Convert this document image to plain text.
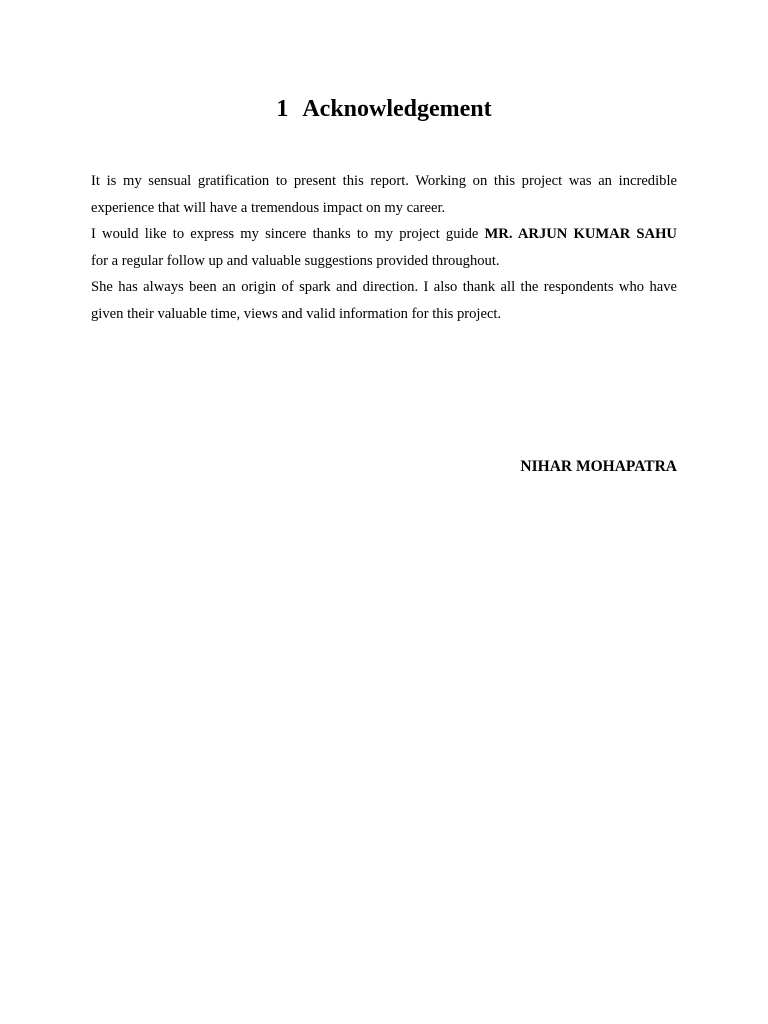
1 Acknowledgement

It is my sensual gratification to present this report. Working on this project was an incredible

experience that will have a tremendous impact on my career.

I would like to express my sincere thanks to my project guide MR. ARJUN KUMAR SAHU

for a regular follow up and valuable suggestions provided throughout.

She has always been an origin of spark and direction. I also thank all the respondents who have

given their valuable time, views and valid information for this project.

NIHAR MOHAPATRA
